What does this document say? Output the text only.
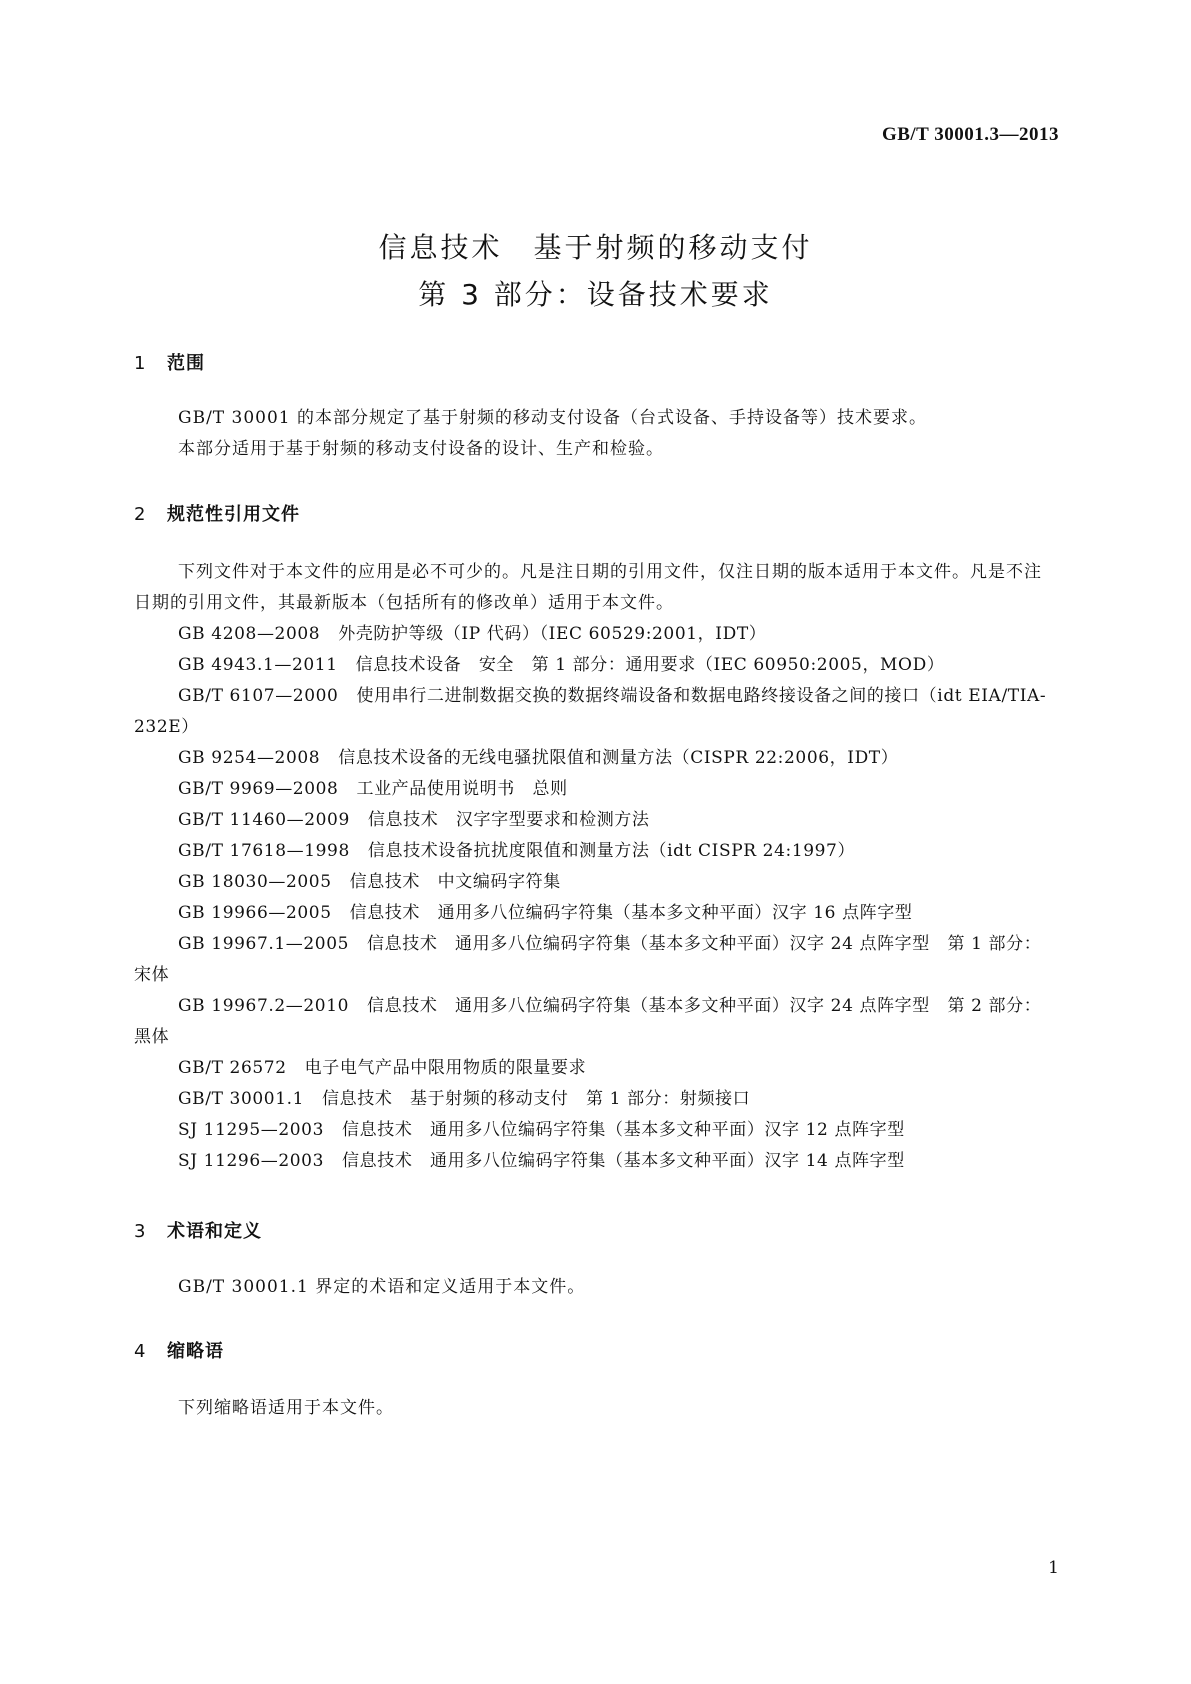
GB/T 30001.3—2013
信息技术　基于射频的移动支付
第 3 部分：设备技术要求
1 范围
GB/T 30001 的本部分规定了基于射频的移动支付设备（台式设备、手持设备等）技术要求。
本部分适用于基于射频的移动支付设备的设计、生产和检验。
2 规范性引用文件
下列文件对于本文件的应用是必不可少的。凡是注日期的引用文件，仅注日期的版本适用于本文件。凡是不注日期的引用文件，其最新版本（包括所有的修改单）适用于本文件。
GB 4208—2008 外壳防护等级（IP 代码）（IEC 60529:2001，IDT）
GB 4943.1—2011 信息技术设备　安全　第 1 部分：通用要求（IEC 60950:2005，MOD）
GB/T 6107—2000 使用串行二进制数据交换的数据终端设备和数据电路终接设备之间的接口（idt EIA/TIA-232E）
GB 9254—2008 信息技术设备的无线电骚扰限值和测量方法（CISPR 22:2006，IDT）
GB/T 9969—2008 工业产品使用说明书　总则
GB/T 11460—2009 信息技术　汉字字型要求和检测方法
GB/T 17618—1998 信息技术设备抗扰度限值和测量方法（idt CISPR 24:1997）
GB 18030—2005 信息技术　中文编码字符集
GB 19966—2005 信息技术　通用多八位编码字符集（基本多文种平面）汉字 16 点阵字型
GB 19967.1—2005 信息技术　通用多八位编码字符集（基本多文种平面）汉字 24 点阵字型　第 1 部分：宋体
GB 19967.2—2010 信息技术　通用多八位编码字符集（基本多文种平面）汉字 24 点阵字型　第 2 部分：黑体
GB/T 26572 电子电气产品中限用物质的限量要求
GB/T 30001.1 信息技术　基于射频的移动支付　第 1 部分：射频接口
SJ 11295—2003 信息技术　通用多八位编码字符集（基本多文种平面）汉字 12 点阵字型
SJ 11296—2003 信息技术　通用多八位编码字符集（基本多文种平面）汉字 14 点阵字型
3 术语和定义
GB/T 30001.1 界定的术语和定义适用于本文件。
4 缩略语
下列缩略语适用于本文件。
1
